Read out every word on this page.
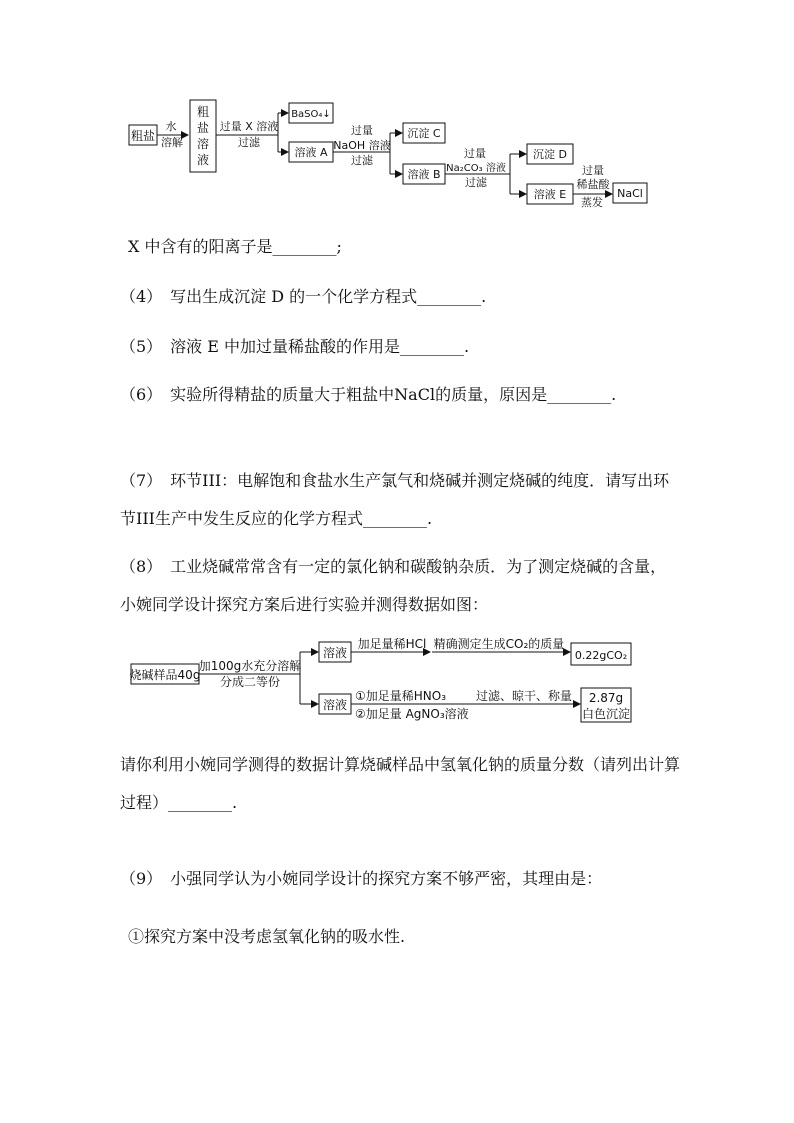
粗盐
水
溶解
粗
盐
溶
液
过量 X 溶液
过滤
BaSO₄↓
溶液 A
过量
NaOH 溶液
过滤
沉淀 C
溶液 B
过量
Na₂CO₃ 溶液
过滤
沉淀 D
溶液 E
过量
稀盐酸
蒸发
NaCl
X 中含有的阳离子是________;
（4）　写出生成沉淀 D 的一个化学方程式________.
（5）　溶液 E 中加过量稀盐酸的作用是________.
（6）　实验所得精盐的质量大于粗盐中NaCl的质量，原因是________.
（7）　环节III：电解饱和食盐水生产氯气和烧碱并测定烧碱的纯度．请写出环节III生产中发生反应的化学方程式________.
（8）　工业烧碱常常含有一定的氯化钠和碳酸钠杂质．为了测定烧碱的含量，小婉同学设计探究方案后进行实验并测得数据如图：
烧碱样品40g
加100g水充分溶解
分成二等份
溶液
加足量稀HCl 精确测定生成CO₂的质量
0.22gCO₂
溶液
①加足量稀HNO₃
②加足量 AgNO₃溶液
过滤、晾干、称量 2.87g
白色沉淀
请你利用小婉同学测得的数据计算烧碱样品中氢氧化钠的质量分数（请列出计算过程）________.
（9）　小强同学认为小婉同学设计的探究方案不够严密，其理由是：
①探究方案中没考虑氢氧化钠的吸水性.
